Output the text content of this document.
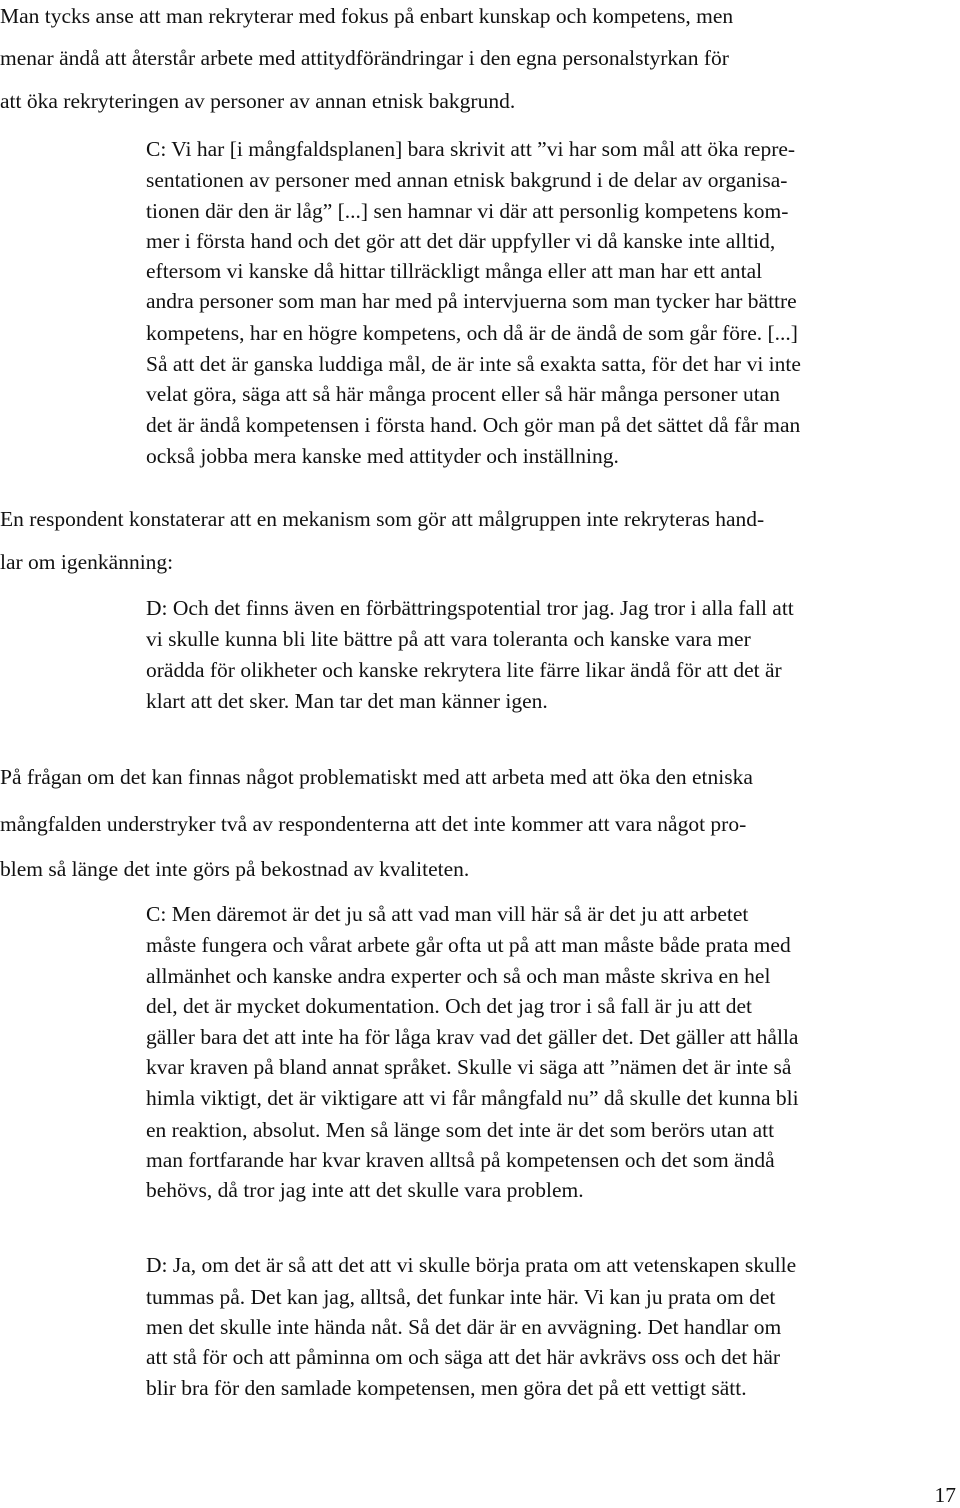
Man tycks anse att man rekryterar med fokus på enbart kunskap och kompetens, men

menar ändå att återstår arbete med attitydförändringar i den egna personalstyrkan för

att öka rekryteringen av personer av annan etnisk bakgrund.

C: Vi har [i mångfaldsplanen] bara skrivit att ”vi har som mål att öka repre-

sentationen av personer med annan etnisk bakgrund i de delar av organisa-

tionen där den är låg” [...] sen hamnar vi där att personlig kompetens kom-

mer i första hand och det gör att det där uppfyller vi då kanske inte alltid,

eftersom vi kanske då hittar tillräckligt många eller att man har ett antal

andra personer som man har med på intervjuerna som man tycker har bättre

kompetens, har en högre kompetens, och då är de ändå de som går före. [...]

Så att det är ganska luddiga mål, de är inte så exakta satta, för det har vi inte

velat göra, säga att så här många procent eller så här många personer utan

det är ändå kompetensen i första hand. Och gör man på det sättet då får man

också jobba mera kanske med attityder och inställning.

En respondent konstaterar att en mekanism som gör att målgruppen inte rekryteras hand-

lar om igenkänning:

D: Och det finns även en förbättringspotential tror jag. Jag tror i alla fall att

vi skulle kunna bli lite bättre på att vara toleranta och kanske vara mer

orädda för olikheter och kanske rekrytera lite färre likar ändå för att det är

klart att det sker. Man tar det man känner igen.

På frågan om det kan finnas något problematiskt med att arbeta med att öka den etniska

mångfalden understryker två av respondenterna att det inte kommer att vara något pro-

blem så länge det inte görs på bekostnad av kvaliteten.

C: Men däremot är det ju så att vad man vill här så är det ju att arbetet

måste fungera och vårat arbete går ofta ut på att man måste både prata med

allmänhet och kanske andra experter och så och man måste skriva en hel

del, det är mycket dokumentation. Och det jag tror i så fall är ju att det

gäller bara det att inte ha för låga krav vad det gäller det. Det gäller att hålla

kvar kraven på bland annat språket. Skulle vi säga att ”nämen det är inte så

himla viktigt, det är viktigare att vi får mångfald nu” då skulle det kunna bli

en reaktion, absolut. Men så länge som det inte är det som berörs utan att

man fortfarande har kvar kraven alltså på kompetensen och det som ändå

behövs, då tror jag inte att det skulle vara problem.

D: Ja, om det är så att det att vi skulle börja prata om att vetenskapen skulle

tummas på. Det kan jag, alltså, det funkar inte här. Vi kan ju prata om det

men det skulle inte hända nåt. Så det där är en avvägning. Det handlar om

att stå för och att påminna om och säga att det här avkrävs oss och det här

blir bra för den samlade kompetensen, men göra det på ett vettigt sätt.

17
